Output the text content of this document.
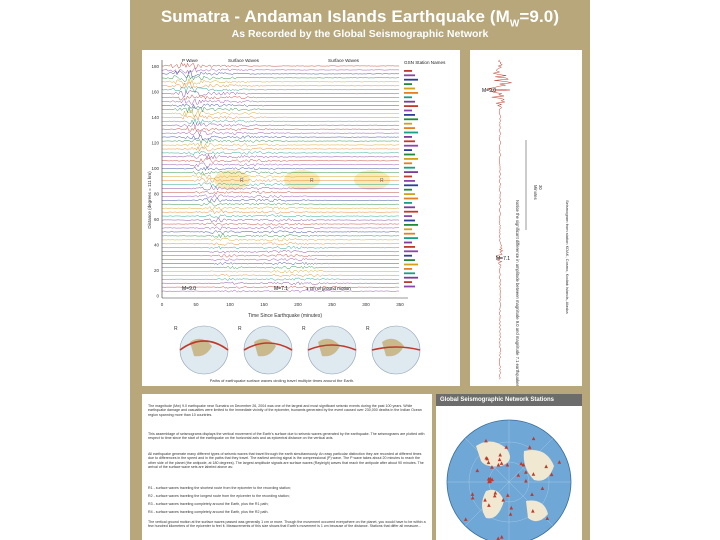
Sumatra - Andaman Islands Earthquake $(M_W=9.0)$
As Recorded by the Global Seismographic Network
180
160
140
120
100
80
60
40
20
0
0	50	100	150	200	250	300	350
Distance (degrees = 111 km)
Time Since Earthquake (minutes)
P Wave	Surface Waves	Surface Waves	GSN Station Names
R	R	R
M=9.0	M=7.1	1 cm of ground motion
R	R	R	R
Paths of earthquake surface waves circling travel multiple times around the Earth.
M=9.0
M=7.1
Minutes 30
Notice the significant difference in amplitude between magnitude 9.0 and magnitude 7.1 earthquakes	Seismogram from station KDAK, Cosmo, Kodiak Islands, Alaska
The magnitude (Mᴡ) 9.0 earthquake near Sumatra on December 26, 2004 was one of the largest and most significant seismic events during the past 100 years. While earthquake damage and casualties were limited to the immediate vicinity of the epicenter, tsunamis generated by the event caused over 230,000 deaths in the Indian Ocean region spanning more than 10 countries.
This assemblage of seismograms displays the vertical movement of the Earth's surface due to seismic waves generated by the earthquake. The seismograms are plotted with respect to time since the start of the earthquake on the horizontal axis and as epicentral distance on the vertical axis.
All earthquake generate many different types of seismic waves that travel through the earth simultaneously. An easy particular distinction they are recorded at different times due to differences in the speed and in the paths that they travel. The earliest arriving signal is the compressional (P) wave. The P wave takes about 20 minutes to reach the other side of the planet (the antipode, at 180 degrees). The largest amplitude signals are surface waves (Rayleigh) waves that reach the antipode after about 90 minutes. The arrival of the surface wave sets are labeled above as:
R1 - surface waves traveling the shortest route from the epicenter to the recording station;
R2 - surface waves traveling the longest route from the epicenter to the recording station;
R3 - surface waves traveling completely around the Earth, plus the R1 path;
R4 - surface waves traveling completely around the Earth, plus the R2 path.
The vertical ground motion at the surface waves passed was generally 1 cm or more. Though the movement occurred everywhere on the planet, you would have to be within a few hundred kilometers of the epicenter to feel it. Measurements of this size shows that Earth's movement is 1 cm because of the distance. Stations that differ all measure...
Global Seismographic Network Stations
